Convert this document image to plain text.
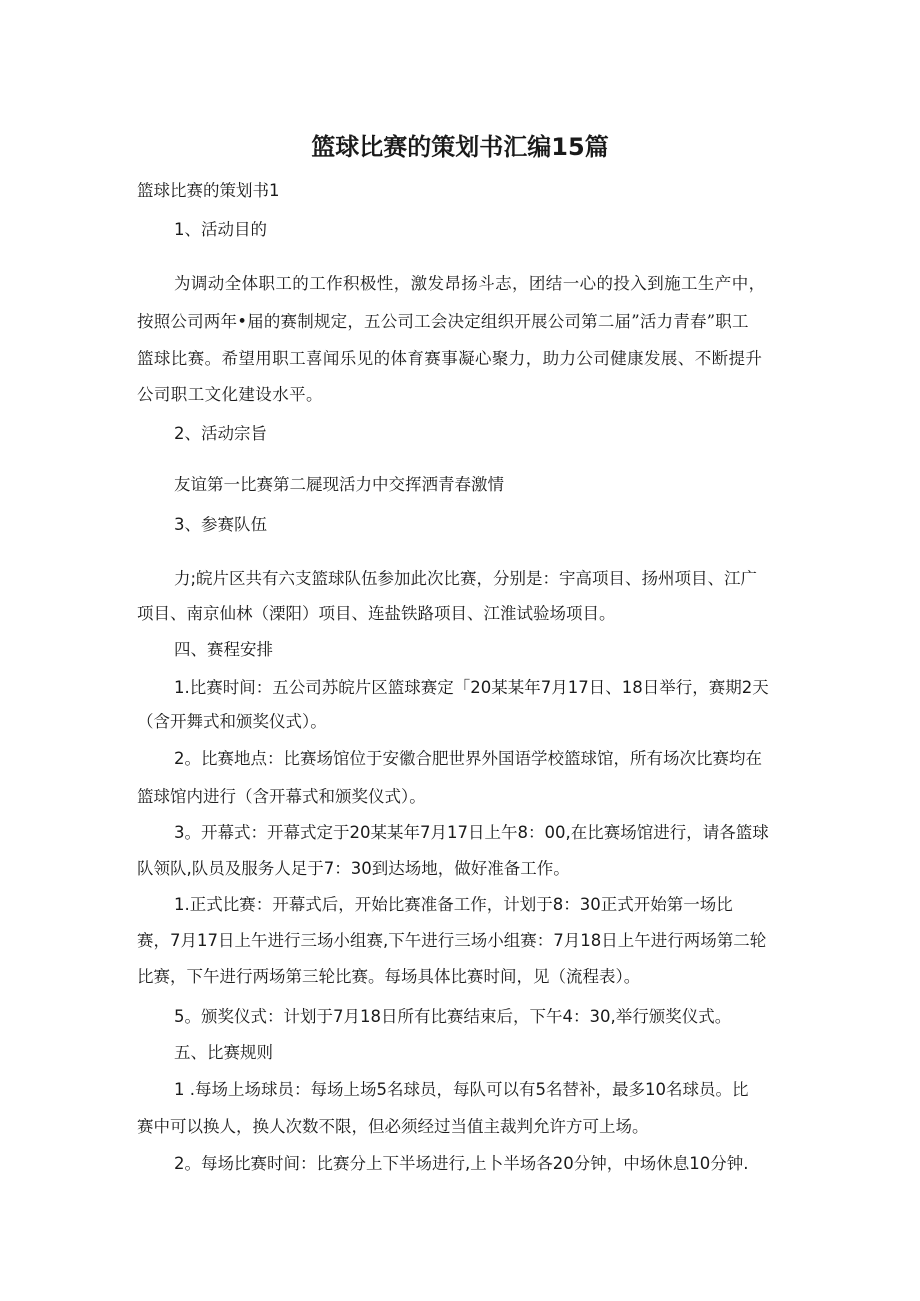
篮球比赛的策划书汇编15篇
篮球比赛的策划书1
1、活动目的
为调动全体职工的工作积极性，激发昂扬斗志，团结一心的投入到施工生产中，
按照公司两年•届的赛制规定，五公司工会决定组织开展公司第二届”活力青春”职工
篮球比赛。希望用职工喜闻乐见的体育赛事凝心聚力，助力公司健康发展、不断提升
公司职工文化建设水平。
2、活动宗旨
友谊第一比赛第二屣现活力中交挥洒青春激情
3、参赛队伍
力;皖片区共有六支篮球队伍参加此次比赛，分别是：宇高项目、扬州项目、江广
项目、南京仙林（溧阳）项目、连盐铁路项目、江淮试验场项目。
四、赛程安排
1.比赛时间：五公司苏皖片区篮球赛定「20某某年7月17日、18日举行，赛期2天
（含开舞式和颁奖仪式）。
2。比赛地点：比赛场馆位于安徽合肥世界外国语学校篮球馆，所有场次比赛均在
篮球馆内进行（含开幕式和颁奖仪式）。
3。开幕式：开幕式定于20某某年7月17日上午8：00,在比赛场馆进行，请各篮球
队领队,队员及服务人足于7：30到达场地，做好准备工作。
1.正式比赛：开幕式后，开始比赛准备工作，计划于8：30正式开始第一场比
赛，7月17日上午进行三场小组赛,下午进行三场小组赛：7月18日上午进行两场第二轮
比赛，下午进行两场第三轮比赛。每场具体比赛时间，见（流程表）。
5。颁奖仪式：计划于7月18日所有比赛结束后，下午4：30,举行颁奖仪式。
五、比赛规则
1 .每场上场球员：每场上场5名球员，每队可以有5名替补，最多10名球员。比
赛中可以换人，换人次数不限，但必须经过当值主裁判允许方可上场。
2。每场比赛时间：比赛分上下半场进行,上卜半场各20分钟，中场休息10分钟.
